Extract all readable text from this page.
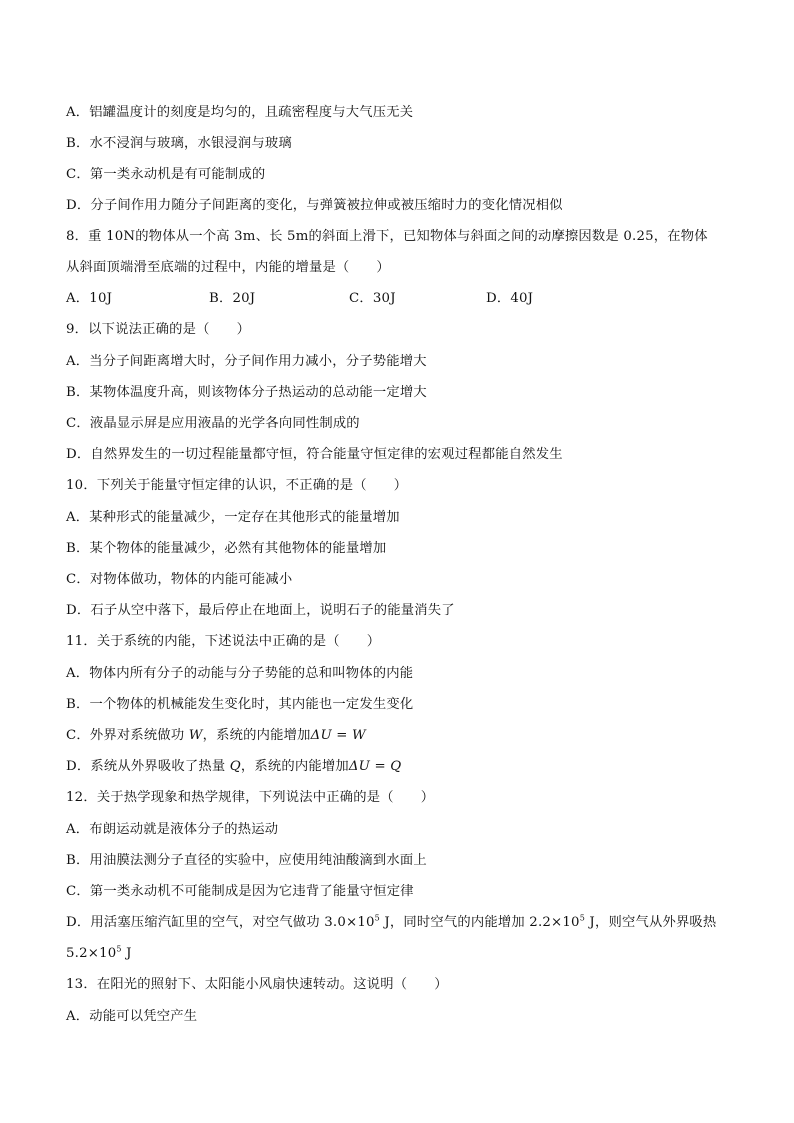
A．铝罐温度计的刻度是均匀的，且疏密程度与大气压无关
B．水不浸润与玻璃，水银浸润与玻璃
C．第一类永动机是有可能制成的
D．分子间作用力随分子间距离的变化，与弹簧被拉伸或被压缩时力的变化情况相似
8．重 10N的物体从一个高 3m、长 5m的斜面上滑下，已知物体与斜面之间的动摩擦因数是 0.25，在物体
从斜面顶端滑至底端的过程中，内能的增量是（　　）
A．10J	B．20J	C．30J	D．40J
9．以下说法正确的是（　　）
A．当分子间距离增大时，分子间作用力减小，分子势能增大
B．某物体温度升高，则该物体分子热运动的总动能一定增大
C．液晶显示屏是应用液晶的光学各向同性制成的
D．自然界发生的一切过程能量都守恒，符合能量守恒定律的宏观过程都能自然发生
10．下列关于能量守恒定律的认识，不正确的是（　　）
A．某种形式的能量减少，一定存在其他形式的能量增加
B．某个物体的能量减少，必然有其他物体的能量增加
C．对物体做功，物体的内能可能减小
D．石子从空中落下，最后停止在地面上，说明石子的能量消失了
11．关于系统的内能，下述说法中正确的是（　　）
A．物体内所有分子的动能与分子势能的总和叫物体的内能
B．一个物体的机械能发生变化时，其内能也一定发生变化
C．外界对系统做功 W，系统的内能增加ΔU = W
D．系统从外界吸收了热量 Q，系统的内能增加ΔU = Q
12．关于热学现象和热学规律，下列说法中正确的是（　　）
A．布朗运动就是液体分子的热运动
B．用油膜法测分子直径的实验中，应使用纯油酸滴到水面上
C．第一类永动机不可能制成是因为它违背了能量守恒定律
D．用活塞压缩汽缸里的空气，对空气做功 $3.0\times 10^5$ J，同时空气的内能增加 $2.2\times 10^5$ J，则空气从外界吸热
$5.2\times 10^5$ J
13．在阳光的照射下、太阳能小风扇快速转动。这说明（　　）
A．动能可以凭空产生
